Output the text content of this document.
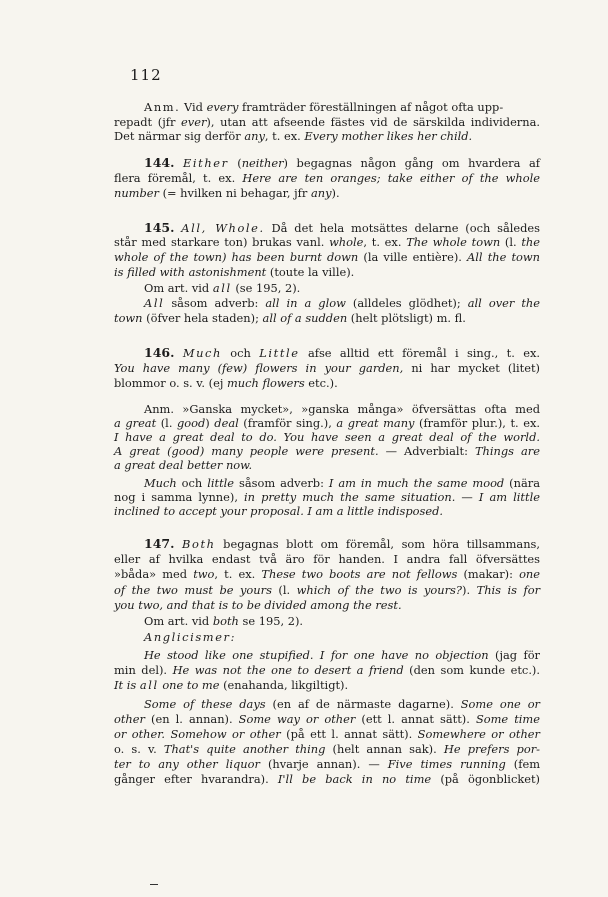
112
Anm. Vid every framträder föreställningen af något ofta upp-
repadt (jfr ever), utan att afseende fästes vid de särskilda individerna.
Det närmar sig derför any, t. ex. Every mother likes her child.
144. Either (neither) begagnas någon gång om hvardera af
flera föremål, t. ex. Here are ten oranges; take either of the whole
number (= hvilken ni behagar, jfr any).
145. All, Whole. Då det hela motsättes delarne (och således
står med starkare ton) brukas vanl. whole, t. ex. The whole town (l. the
whole of the town) has been burnt down (la ville entière). All the town
is filled with astonishment (toute la ville).
Om art. vid all (se 195, 2).
All såsom adverb: all in a glow (alldeles glödhet); all over the
town (öfver hela staden); all of a sudden (helt plötsligt) m. fl.
146. Much och Little afse alltid ett föremål i sing., t. ex.
You have many (few) flowers in your garden, ni har mycket (litet)
blommor o. s. v. (ej much flowers etc.).
Anm. »Ganska mycket», »ganska många» öfversättas ofta med
a great (l. good) deal (framför sing.), a great many (framför plur.), t. ex.
I have a great deal to do. You have seen a great deal of the world.
A great (good) many people were present. — Adverbialt: Things are
a great deal better now.
Much och little såsom adverb: I am in much the same mood (nära
nog i samma lynne), in pretty much the same situation. — I am little
inclined to accept your proposal. I am a little indisposed.
147. Both begagnas blott om föremål, som höra tillsammans,
eller af hvilka endast två äro för handen. I andra fall öfversättes
»båda» med two, t. ex. These two boots are not fellows (makar): one
of the two must be yours (l. which of the two is yours?). This is for
you two, and that is to be divided among the rest.
Om art. vid both se 195, 2).
Anglicismer:
He stood like one stupified. I for one have no objection (jag för
min del). He was not the one to desert a friend (den som kunde etc.).
It is all one to me (enahanda, likgiltigt).
Some of these days (en af de närmaste dagarne). Some one or
other (en l. annan). Some way or other (ett l. annat sätt). Some time
or other. Somehow or other (på ett l. annat sätt). Somewhere or other
o. s. v. That's quite another thing (helt annan sak). He prefers por-
ter to any other liquor (hvarje annan). — Five times running (fem
gånger efter hvarandra). I'll be back in no time (på ögonblicket)
